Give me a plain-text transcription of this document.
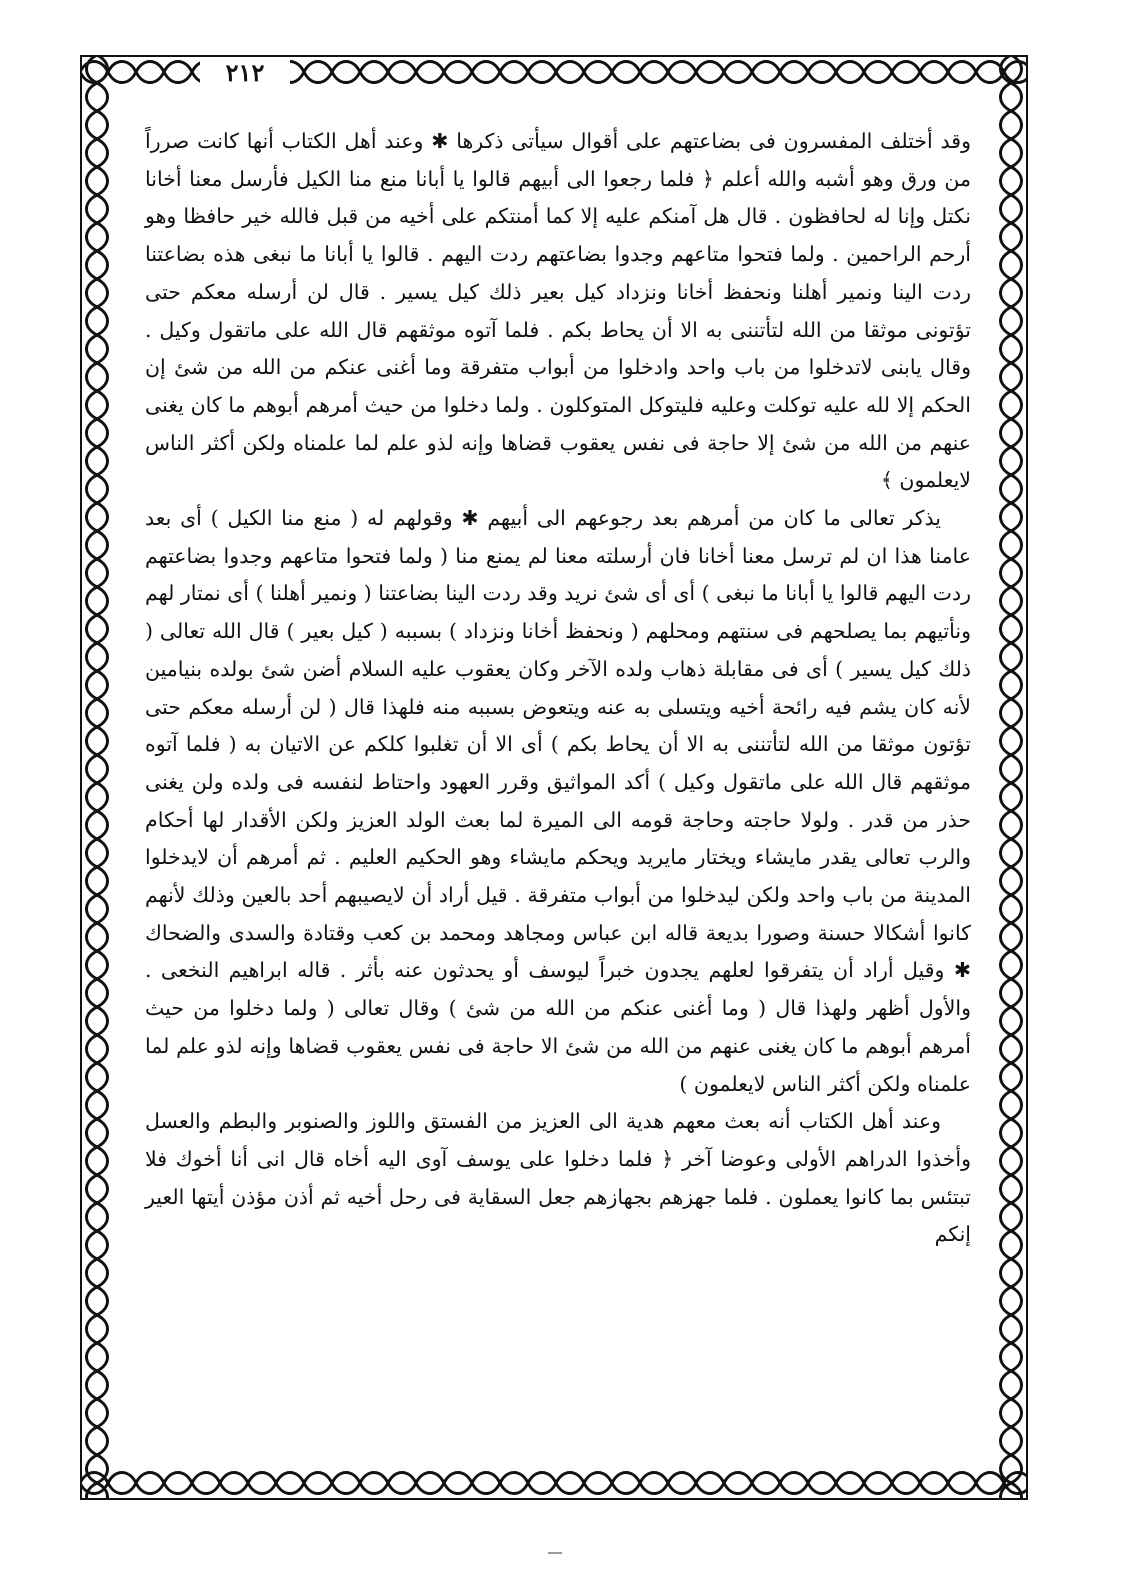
٢١٢

وقد أختلف المفسرون فى بضاعتهم على أقوال سيأتى ذكرها ✱ وعند أهل الكتاب أنها كانت صرراً من ورق وهو أشبه والله أعلم ﴿ فلما رجعوا الى أبيهم قالوا يا أبانا منع منا الكيل فأرسل معنا أخانا نكتل وإنا له لحافظون . قال هل آمنكم عليه إلا كما أمنتكم على أخيه من قبل فالله خير حافظا وهو أرحم الراحمين . ولما فتحوا متاعهم وجدوا بضاعتهم ردت اليهم . قالوا يا أبانا ما نبغى هذه بضاعتنا ردت الينا ونمير أهلنا ونحفظ أخانا ونزداد كيل بعير ذلك كيل يسير . قال لن أرسله معكم حتى تؤتونى موثقا من الله لتأتننى به الا أن يحاط بكم . فلما آتوه موثقهم قال الله على ماتقول وكيل . وقال يابنى لاتدخلوا من باب واحد وادخلوا من أبواب متفرقة وما أغنى عنكم من الله من شئ إن الحكم إلا لله عليه توكلت وعليه فليتوكل المتوكلون . ولما دخلوا من حيث أمرهم أبوهم ما كان يغنى عنهم من الله من شئ إلا حاجة فى نفس يعقوب قضاها وإنه لذو علم لما علمناه ولكن أكثر الناس لايعلمون ﴾

يذكر تعالى ما كان من أمرهم بعد رجوعهم الى أبيهم ✱ وقولهم له ( منع منا الكيل ) أى بعد عامنا هذا ان لم ترسل معنا أخانا فان أرسلته معنا لم يمنع منا ( ولما فتحوا متاعهم وجدوا بضاعتهم ردت اليهم قالوا يا أبانا ما نبغى ) أى أى شئ نريد وقد ردت الينا بضاعتنا ( ونمير أهلنا ) أى نمتار لهم ونأتيهم بما يصلحهم فى سنتهم ومحلهم ( ونحفظ أخانا ونزداد ) بسببه ( كيل بعير ) قال الله تعالى ( ذلك كيل يسير ) أى فى مقابلة ذهاب ولده الآخر وكان يعقوب عليه السلام أضن شئ بولده بنيامين لأنه كان يشم فيه رائحة أخيه ويتسلى به عنه ويتعوض بسببه منه فلهذا قال ( لن أرسله معكم حتى تؤتون موثقا من الله لتأتننى به الا أن يحاط بكم ) أى الا أن تغلبوا كلكم عن الاتيان به ( فلما آتوه موثقهم قال الله على ماتقول وكيل ) أكد المواثيق وقرر العهود واحتاط لنفسه فى ولده ولن يغنى حذر من قدر . ولولا حاجته وحاجة قومه الى الميرة لما بعث الولد العزيز ولكن الأقدار لها أحكام والرب تعالى يقدر مايشاء ويختار مايريد ويحكم مايشاء وهو الحكيم العليم . ثم أمرهم أن لايدخلوا المدينة من باب واحد ولكن ليدخلوا من أبواب متفرقة . قيل أراد أن لايصيبهم أحد بالعين وذلك لأنهم كانوا أشكالا حسنة وصورا بديعة قاله ابن عباس ومجاهد ومحمد بن كعب وقتادة والسدى والضحاك ✱ وقيل أراد أن يتفرقوا لعلهم يجدون خبراً ليوسف أو يحدثون عنه بأثر . قاله ابراهيم النخعى . والأول أظهر ولهذا قال ( وما أغنى عنكم من الله من شئ ) وقال تعالى ( ولما دخلوا من حيث أمرهم أبوهم ما كان يغنى عنهم من الله من شئ الا حاجة فى نفس يعقوب قضاها وإنه لذو علم لما علمناه ولكن أكثر الناس لايعلمون )

وعند أهل الكتاب أنه بعث معهم هدية الى العزيز من الفستق واللوز والصنوبر والبطم والعسل وأخذوا الدراهم الأولى وعوضا آخر ﴿ فلما دخلوا على يوسف آوى اليه أخاه قال انى أنا أخوك فلا تبتئس بما كانوا يعملون . فلما جهزهم بجهازهم جعل السقاية فى رحل أخيه ثم أذن مؤذن أيتها العير إنكم
